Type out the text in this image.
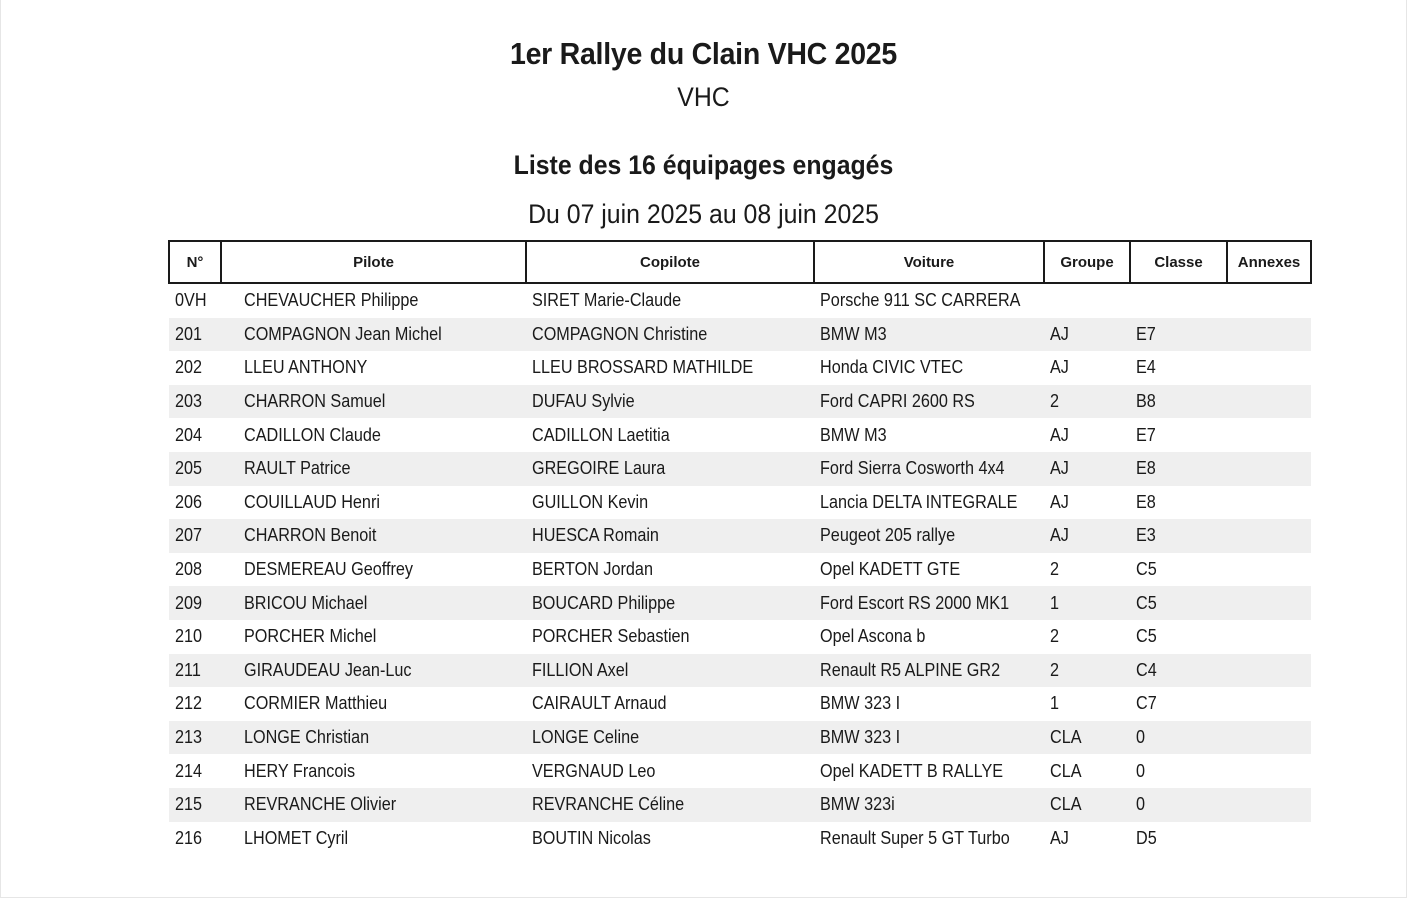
1er Rallye du Clain VHC 2025
VHC
Liste des 16 équipages engagés
Du 07 juin 2025 au 08 juin 2025
N°	Pilote	Copilote	Voiture	Groupe	Classe	Annexes
0VH	CHEVAUCHER Philippe	SIRET Marie-Claude	Porsche 911 SC CARRERA			
201	COMPAGNON Jean Michel	COMPAGNON Christine	BMW M3	AJ	E7	
202	LLEU ANTHONY	LLEU BROSSARD MATHILDE	Honda CIVIC VTEC	AJ	E4	
203	CHARRON Samuel	DUFAU Sylvie	Ford CAPRI 2600 RS	2	B8	
204	CADILLON Claude	CADILLON Laetitia	BMW M3	AJ	E7	
205	RAULT Patrice	GREGOIRE Laura	Ford Sierra Cosworth 4x4	AJ	E8	
206	COUILLAUD Henri	GUILLON Kevin	Lancia DELTA INTEGRALE	AJ	E8	
207	CHARRON Benoit	HUESCA Romain	Peugeot 205 rallye	AJ	E3	
208	DESMEREAU Geoffrey	BERTON Jordan	Opel KADETT GTE	2	C5	
209	BRICOU Michael	BOUCARD Philippe	Ford Escort RS 2000 MK1	1	C5	
210	PORCHER Michel	PORCHER Sebastien	Opel Ascona b	2	C5	
211	GIRAUDEAU Jean-Luc	FILLION Axel	Renault R5 ALPINE GR2	2	C4	
212	CORMIER Matthieu	CAIRAULT Arnaud	BMW 323 I	1	C7	
213	LONGE Christian	LONGE Celine	BMW 323 I	CLA	0	
214	HERY Francois	VERGNAUD Leo	Opel KADETT B RALLYE	CLA	0	
215	REVRANCHE Olivier	REVRANCHE Céline	BMW 323i	CLA	0	
216	LHOMET Cyril	BOUTIN Nicolas	Renault Super 5 GT Turbo	AJ	D5	
